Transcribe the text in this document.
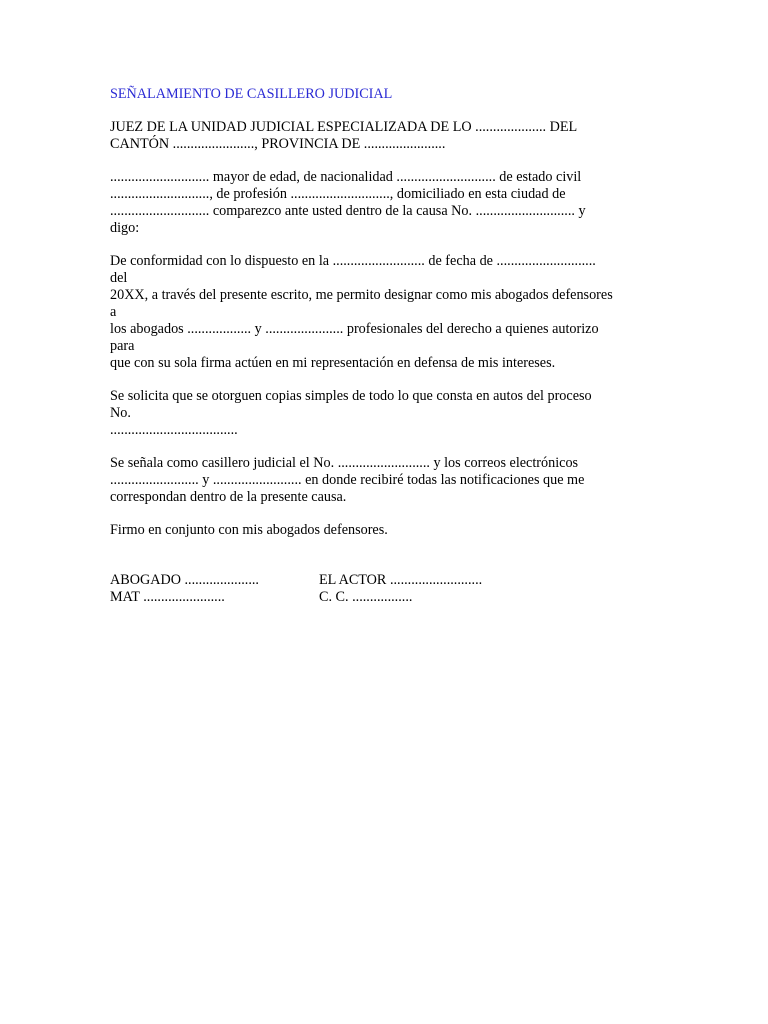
SEÑALAMIENTO DE CASILLERO JUDICIAL
JUEZ DE LA UNIDAD JUDICIAL ESPECIALIZADA DE LO .................... DEL
CANTÓN ......................., PROVINCIA DE .......................
............................ mayor de edad, de nacionalidad ............................ de estado civil
............................, de profesión ............................, domiciliado en esta ciudad de
............................ comparezco ante usted dentro de la causa No. ............................ y
digo:
De conformidad con lo dispuesto en la .......................... de fecha de ............................
del
20XX, a través del presente escrito, me permito designar como mis abogados defensores
a
los abogados .................. y ...................... profesionales del derecho a quienes autorizo
para
que con su sola firma actúen en mi representación en defensa de mis intereses.
Se solicita que se otorguen copias simples de todo lo que consta en autos del proceso
No.
....................................
Se señala como casillero judicial el No. .......................... y los correos electrónicos
......................... y ......................... en donde recibiré todas las notificaciones que me
correspondan dentro de la presente causa.
Firmo en conjunto con mis abogados defensores.
ABOGADO .....................	EL ACTOR ..........................
MAT .......................	C. C. .................
